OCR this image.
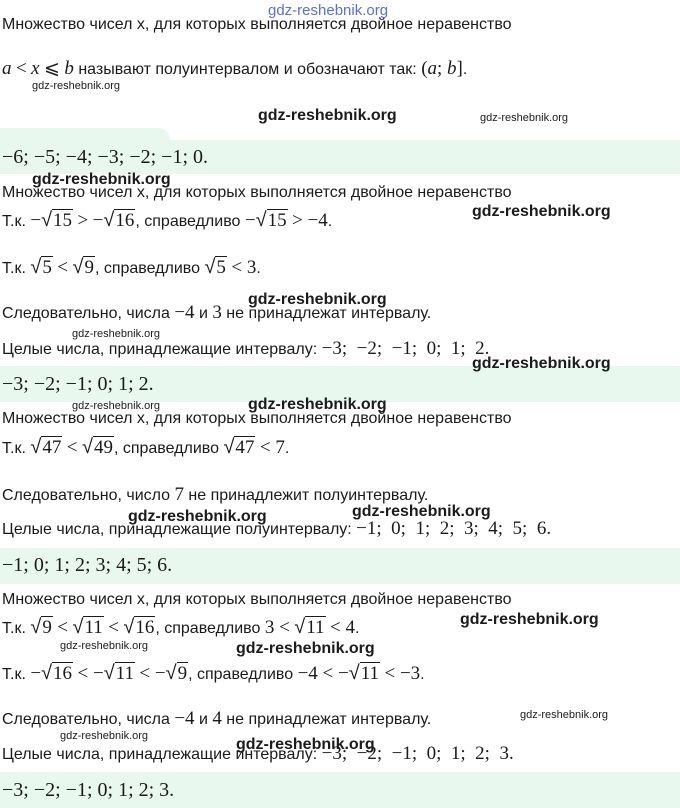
Множество чисел x, для которых выполняется двойное неравенство
a < x ⩽ b называют полуинтервалом и обозначают так: (a; b].
−6; −5; −4; −3; −2; −1; 0.
Множество чисел x, для которых выполняется двойное неравенство
Т.к. −√15 > −√16, справедливо −√15 > −4.
Т.к. √5 < √9, справедливо √5 < 3.
Следовательно, числа −4 и 3 не принадлежат интервалу.
Целые числа, принадлежащие интервалу: −3;  −2;  −1;  0;  1;  2.
−3; −2; −1; 0; 1; 2.
Множество чисел x, для которых выполняется двойное неравенство
Т.к. √47 < √49, справедливо √47 < 7.
Следовательно, число 7 не принадлежит полуинтервалу.
Целые числа, принадлежащие полуинтервалу: −1;  0;  1;  2;  3;  4;  5;  6.
−1; 0; 1; 2; 3; 4; 5; 6.
Множество чисел x, для которых выполняется двойное неравенство
Т.к. √9 < √11 < √16, справедливо 3 < √11 < 4.
Т.к. −√16 < −√11 < −√9, справедливо −4 < −√11 < −3.
Следовательно, числа −4 и 4 не принадлежат интервалу.
Целые числа, принадлежащие интервалу: −3;  −2;  −1;  0;  1;  2;  3.
−3; −2; −1; 0; 1; 2; 3.
gdz-reshebnik.org
gdz-reshebnik.org
gdz-reshebnik.org	gdz-reshebnik.org
gdz-reshebnik.org
gdz-reshebnik.org
gdz-reshebnik.org
gdz-reshebnik.org
gdz-reshebnik.org
gdz-reshebnik.org	gdz-reshebnik.org
gdz-reshebnik.org
gdz-reshebnik.org
gdz-reshebnik.org
gdz-reshebnik.org	gdz-reshebnik.org
gdz-reshebnik.org
gdz-reshebnik.org	gdz-reshebnik.org
